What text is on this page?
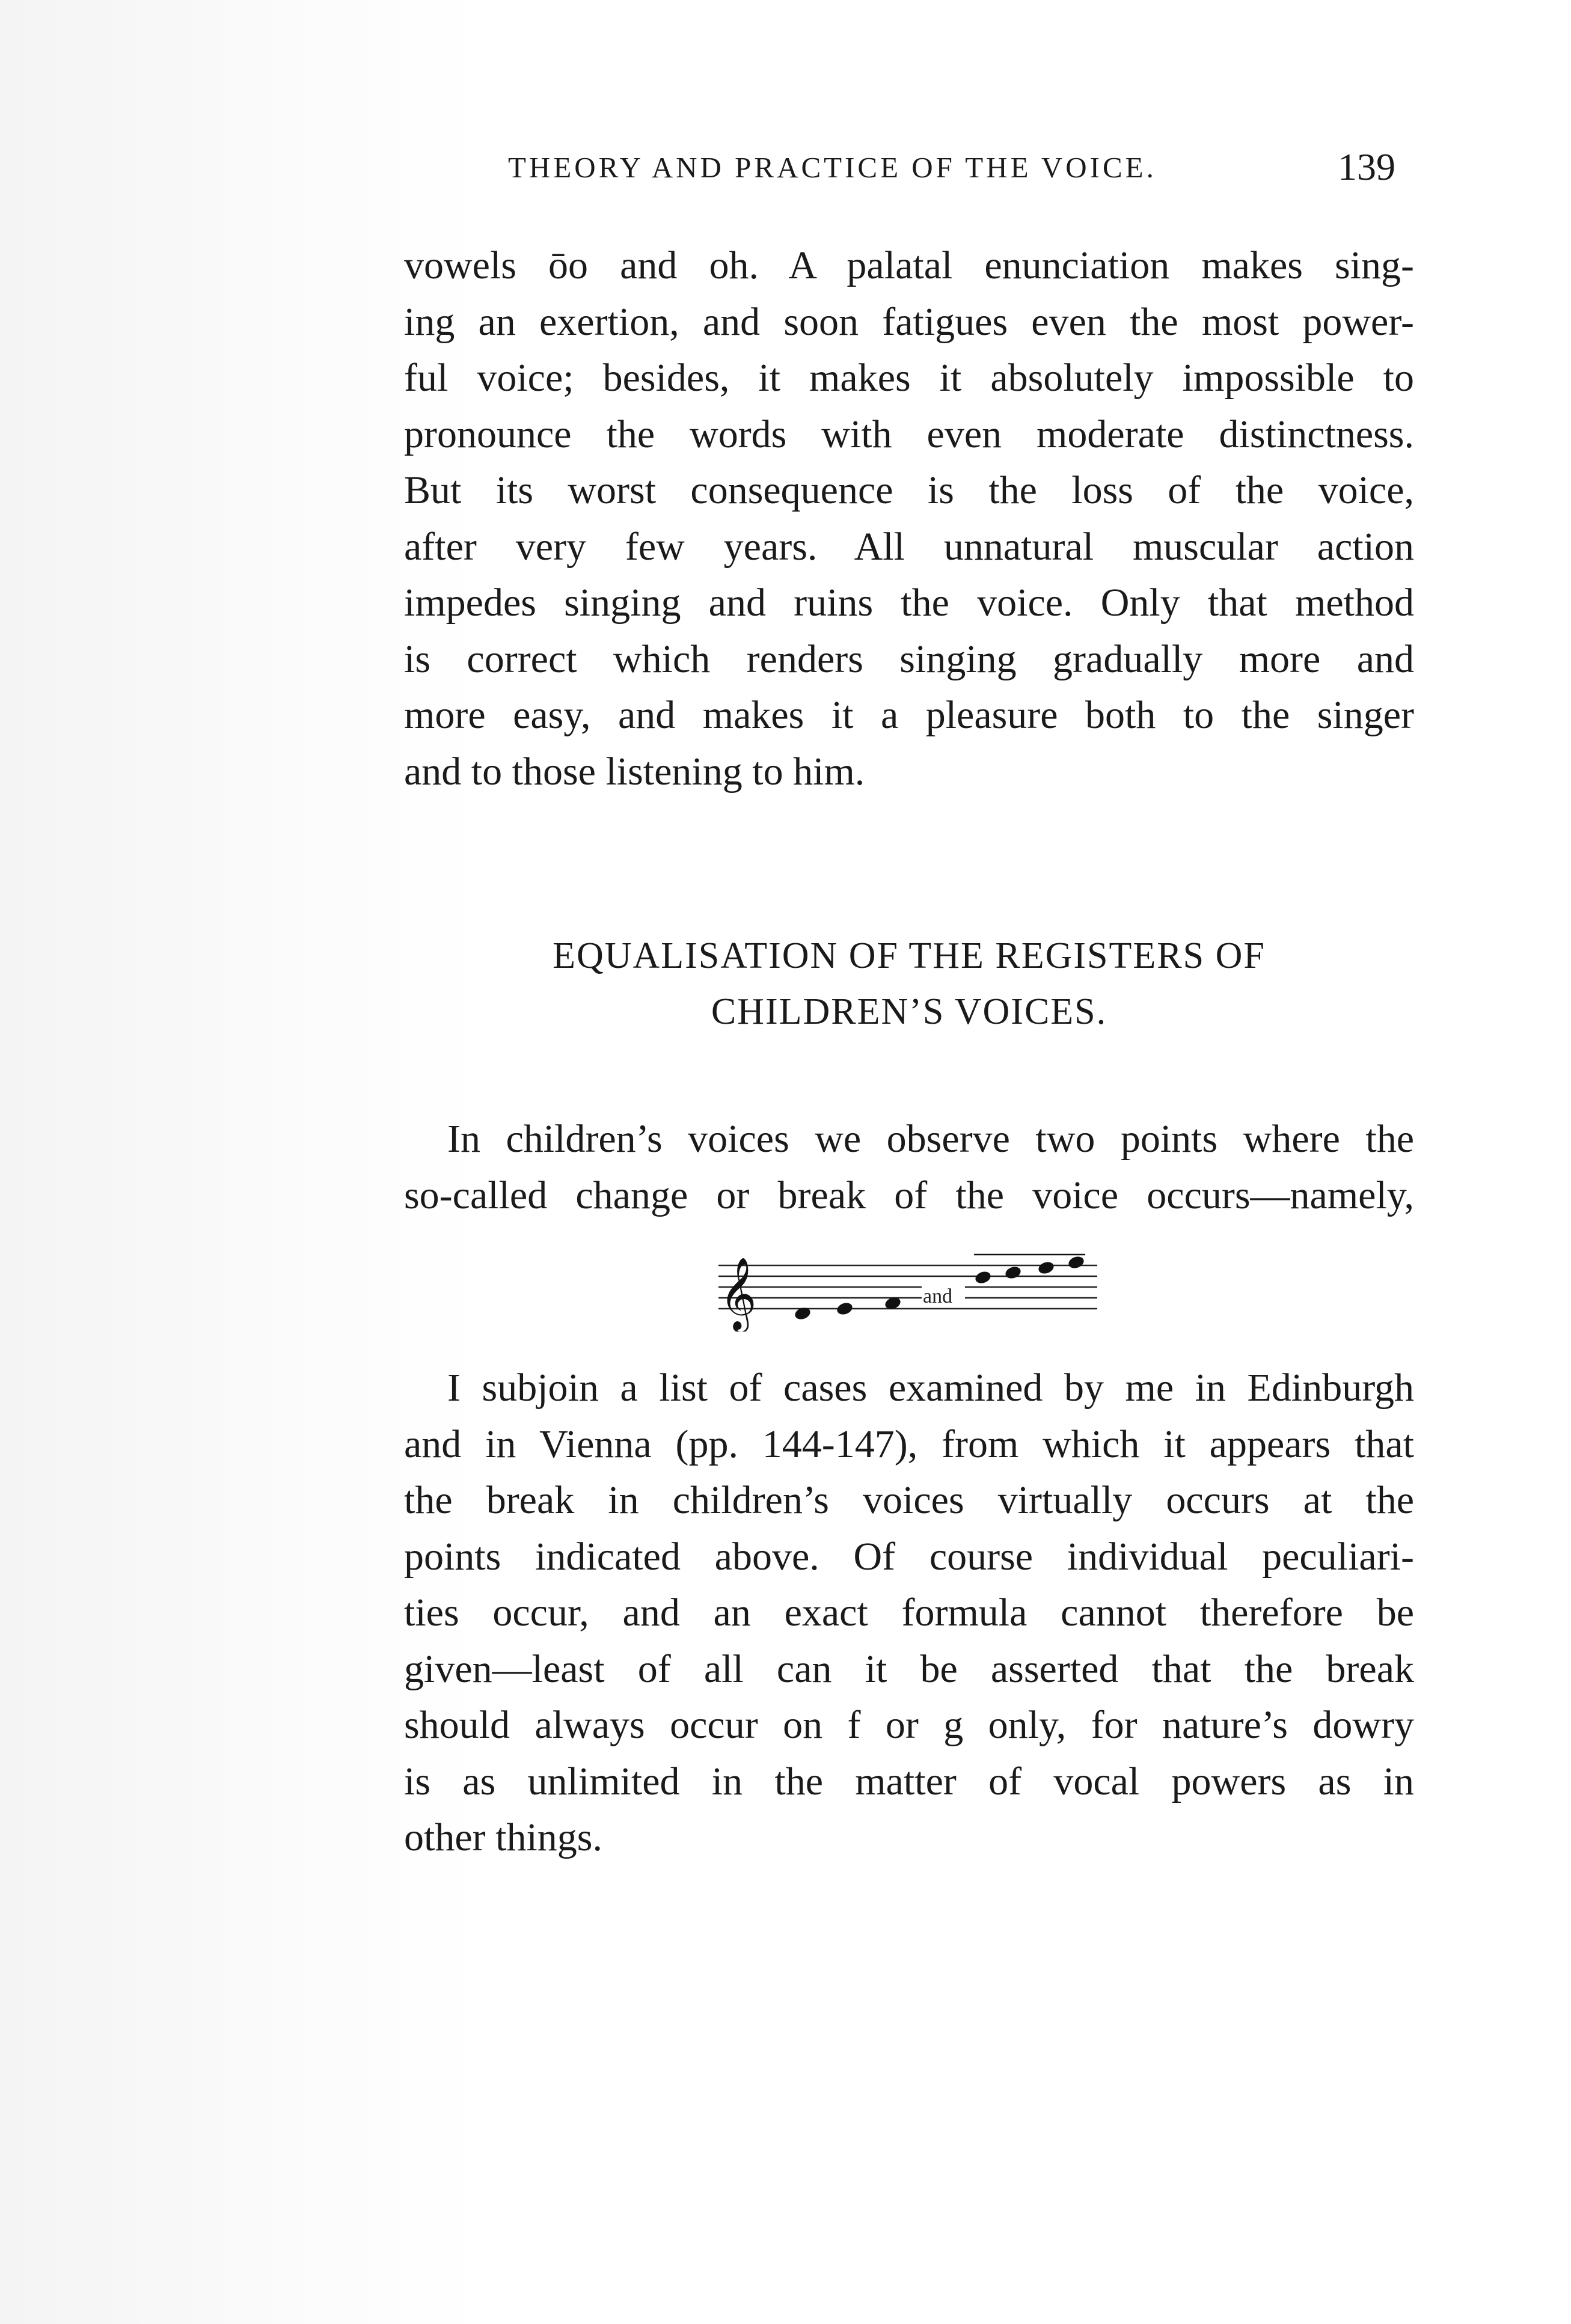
THEORY AND PRACTICE OF THE VOICE.	139
vowels ōo and oh. A palatal enunciation makes sing-
ing an exertion, and soon fatigues even the most power-
ful voice; besides, it makes it absolutely impossible to
pronounce the words with even moderate distinctness.
But its worst consequence is the loss of the voice,
after very few years. All unnatural muscular action
impedes singing and ruins the voice. Only that method
is correct which renders singing gradually more and
more easy, and makes it a pleasure both to the singer
and to those listening to him.
EQUALISATION OF THE REGISTERS OF
CHILDREN’S VOICES.
In children’s voices we observe two points where the
so-called change or break of the voice occurs—namely,
𝄞	and
I subjoin a list of cases examined by me in Edinburgh
and in Vienna (pp. 144-147), from which it appears that
the break in children’s voices virtually occurs at the
points indicated above. Of course individual peculiari-
ties occur, and an exact formula cannot therefore be
given—least of all can it be asserted that the break
should always occur on f or g only, for nature’s dowry
is as unlimited in the matter of vocal powers as in
other things.
